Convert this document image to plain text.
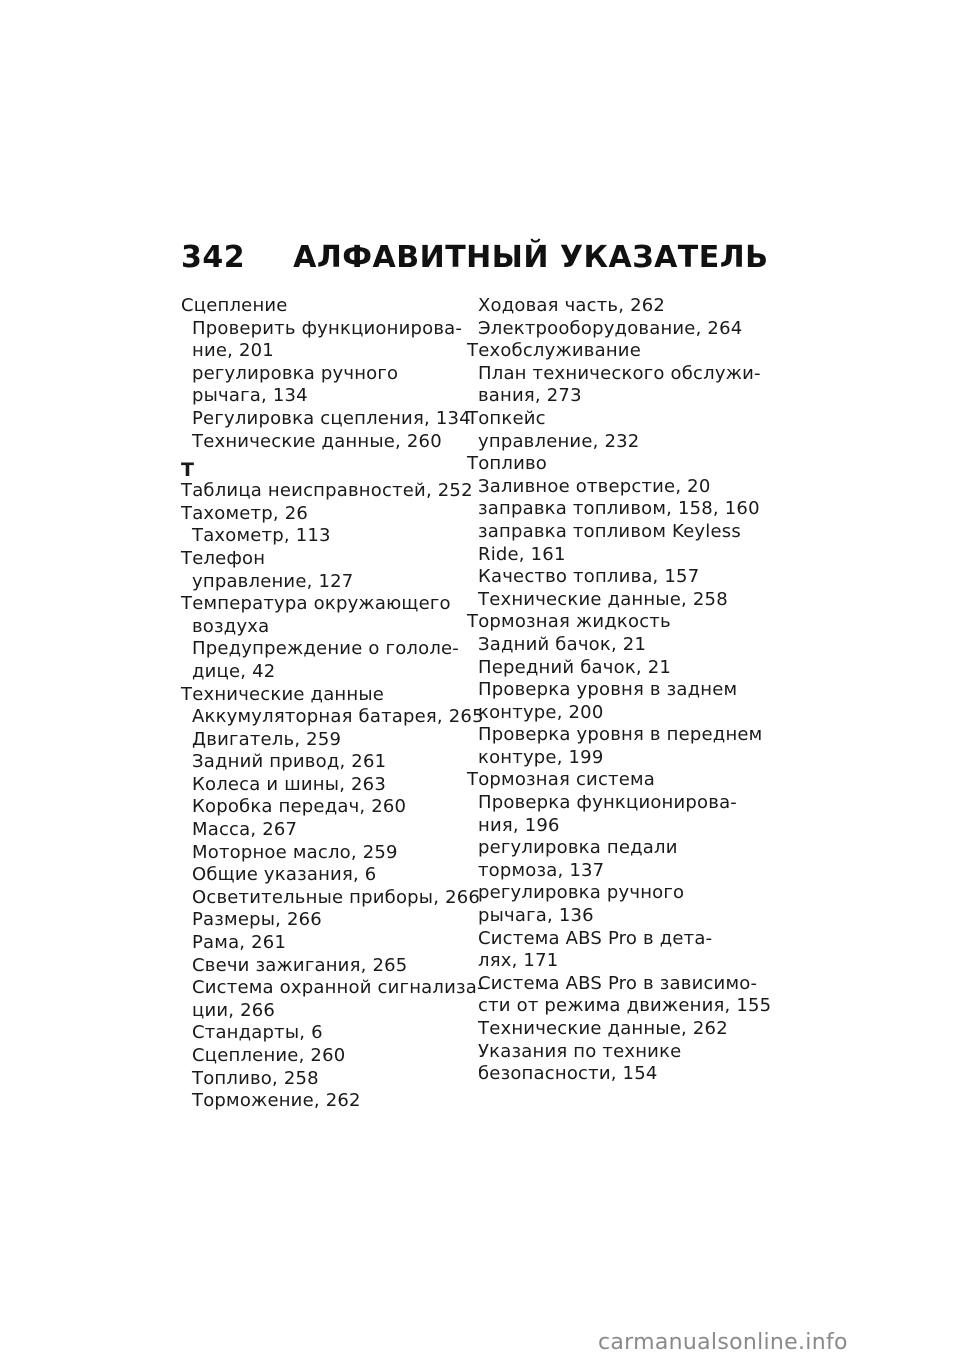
342 АЛФАВИТНЫЙ УКАЗАТЕЛЬ
Сцепление
Проверить функционирова-
ние, 201
регулировка ручного
рычага, 134
Регулировка сцепления, 134
Технические данные, 260
Т
Таблица неисправностей, 252
Тахометр, 26
Тахометр, 113
Телефон
управление, 127
Температура окружающего
воздуха
Предупреждение о гололе-
дице, 42
Технические данные
Аккумуляторная батарея, 265
Двигатель, 259
Задний привод, 261
Колеса и шины, 263
Коробка передач, 260
Масса, 267
Моторное масло, 259
Общие указания, 6
Осветительные приборы, 266
Размеры, 266
Рама, 261
Свечи зажигания, 265
Система охранной сигнализа-
ции, 266
Стандарты, 6
Сцепление, 260
Топливо, 258
Торможение, 262
Ходовая часть, 262
Электрооборудование, 264
Техобслуживание
План технического обслужи-
вания, 273
Топкейс
управление, 232
Топливо
Заливное отверстие, 20
заправка топливом, 158, 160
заправка топливом Keyless
Ride, 161
Качество топлива, 157
Технические данные, 258
Тормозная жидкость
Задний бачок, 21
Передний бачок, 21
Проверка уровня в заднем
контуре, 200
Проверка уровня в переднем
контуре, 199
Тормозная система
Проверка функционирова-
ния, 196
регулировка педали
тормоза, 137
регулировка ручного
рычага, 136
Система ABS Pro в дета-
лях, 171
Система ABS Pro в зависимо-
сти от режима движения, 155
Технические данные, 262
Указания по технике
безопасности, 154
carmanualsonline.info
